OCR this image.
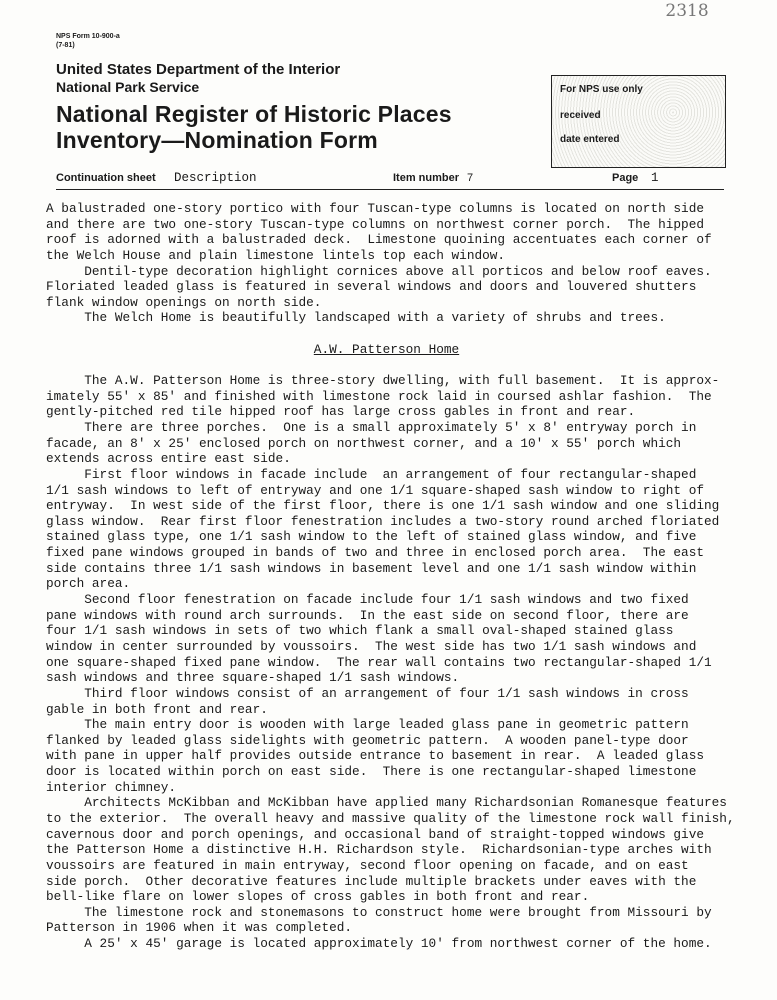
NPS Form 10-900-a
(7-81)
᠌ 2318
United States Department of the Interior
National Park Service
National Register of Historic Places
Inventory—Nomination Form
For NPS use only
received
date entered
Continuation sheet Description	Item number 7	Page 1
A balustraded one-story portico with four Tuscan-type columns is located on north side
and there are two one-story Tuscan-type columns on northwest corner porch.  The hipped
roof is adorned with a balustraded deck.  Limestone quoining accentuates each corner of
the Welch House and plain limestone lintels top each window.
Dentil-type decoration highlight cornices above all porticos and below roof eaves.
Floriated leaded glass is featured in several windows and doors and louvered shutters
flank window openings on north side.
The Welch Home is beautifully landscaped with a variety of shrubs and trees.
A.W. Patterson Home
The A.W. Patterson Home is three-story dwelling, with full basement.  It is approx-
imately 55' x 85' and finished with limestone rock laid in coursed ashlar fashion.  The
gently-pitched red tile hipped roof has large cross gables in front and rear.
There are three porches.  One is a small approximately 5' x 8' entryway porch in
facade, an 8' x 25' enclosed porch on northwest corner, and a 10' x 55' porch which
extends across entire east side.
First floor windows in facade include  an arrangement of four rectangular-shaped
1/1 sash windows to left of entryway and one 1/1 square-shaped sash window to right of
entryway.  In west side of the first floor, there is one 1/1 sash window and one sliding
glass window.  Rear first floor fenestration includes a two-story round arched floriated
stained glass type, one 1/1 sash window to the left of stained glass window, and five
fixed pane windows grouped in bands of two and three in enclosed porch area.  The east
side contains three 1/1 sash windows in basement level and one 1/1 sash window within
porch area.
Second floor fenestration on facade include four 1/1 sash windows and two fixed
pane windows with round arch surrounds.  In the east side on second floor, there are
four 1/1 sash windows in sets of two which flank a small oval-shaped stained glass
window in center surrounded by voussoirs.  The west side has two 1/1 sash windows and
one square-shaped fixed pane window.  The rear wall contains two rectangular-shaped 1/1
sash windows and three square-shaped 1/1 sash windows.
Third floor windows consist of an arrangement of four 1/1 sash windows in cross
gable in both front and rear.
The main entry door is wooden with large leaded glass pane in geometric pattern
flanked by leaded glass sidelights with geometric pattern.  A wooden panel-type door
with pane in upper half provides outside entrance to basement in rear.  A leaded glass
door is located within porch on east side.  There is one rectangular-shaped limestone
interior chimney.
Architects McKibban and McKibban have applied many Richardsonian Romanesque features
to the exterior.  The overall heavy and massive quality of the limestone rock wall finish,
cavernous door and porch openings, and occasional band of straight-topped windows give
the Patterson Home a distinctive H.H. Richardson style.  Richardsonian-type arches with
voussoirs are featured in main entryway, second floor opening on facade, and on east
side porch.  Other decorative features include multiple brackets under eaves with the
bell-like flare on lower slopes of cross gables in both front and rear.
The limestone rock and stonemasons to construct home were brought from Missouri by
Patterson in 1906 when it was completed.
A 25' x 45' garage is located approximately 10' from northwest corner of the home.
